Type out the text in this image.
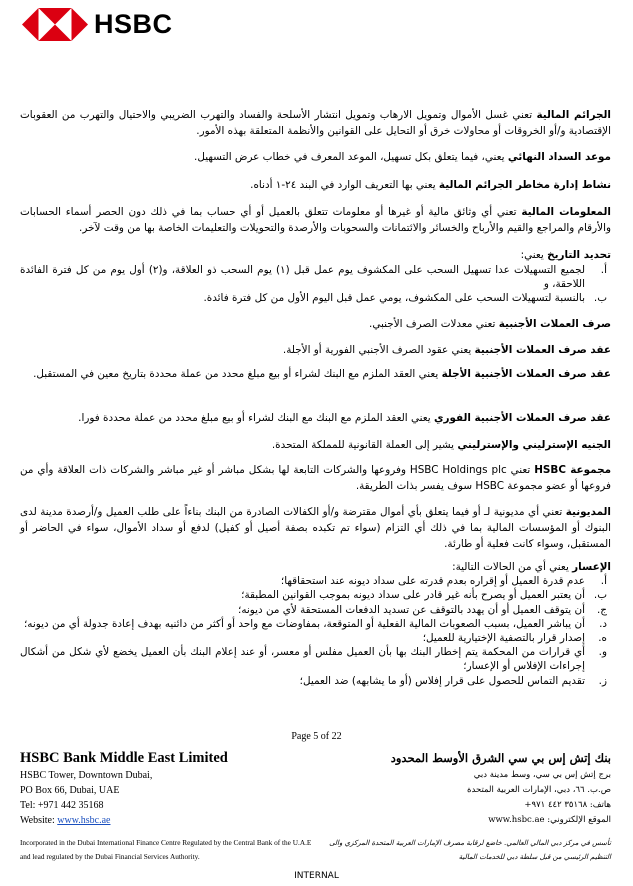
HSBC
الجرائم المالية تعني غسل الأموال وتمويل الارهاب وتمويل انتشار الأسلحة والفساد والتهرب الضريبي والاحتيال والتهرب من العقوبات الإقتصادية و/أو الخروقات أو محاولات خرق أو التحايل على القوانين والأنظمة المتعلقة بهذه الأمور.
موعد السداد النهائي يعني، فيما يتعلق بكل تسهيل، الموعد المعرف في خطاب عرض التسهيل.
نشاط إدارة مخاطر الجرائم المالية يعني بها التعريف الوارد في البند ٢٤-١ أدناه.
المعلومات المالية تعني أي وثائق مالية أو غيرها أو معلومات تتعلق بالعميل أو أي حساب بما في ذلك دون الحصر أسماء الحسابات والأرقام والمراجع والقيم والأرباح والخسائر والائتمانات والسحوبات والأرصدة والتحويلات والتعليمات الخاصة بها من وقت لآخر.
تحديد التاريخ يعني:
أ.
لجميع التسهيلات عدا تسهيل السحب على المكشوف يوم عمل قبل (١) يوم السحب ذو العلاقة، و(٢) أول يوم من كل فترة الفائدة اللاحقة، و
ب.
بالنسبة لتسهيلات السحب على المكشوف، يومي عمل قبل اليوم الأول من كل فترة فائدة.
صرف العملات الأجنبية تعني معدلات الصرف الأجنبي.
عقد صرف العملات الأجنبية يعني عقود الصرف الأجنبي الفورية أو الأجلة.
عقد صرف العملات الأجنبية الأجلة يعني العقد الملزم مع البنك لشراء أو بيع مبلغ محدد من عملة محددة بتاريخ معين في المستقبل.
عقد صرف العملات الأجنبية الفوري يعني العقد الملزم مع البنك مع البنك لشراء أو بيع مبلغ محدد من عملة محددة فورا.
الجنيه الإسترليني والإسترليني يشير إلى العملة القانونية للمملكة المتحدة.
مجموعة HSBC تعني HSBC Holdings plc وفروعها والشركات التابعة لها بشكل مباشر أو غير مباشر والشركات ذات العلاقة وأي من فروعها أو عضو مجموعة HSBC سوف يفسر بذات الطريقة.
المديونية تعني أي مديونية لـ أو فيما يتعلق بأي أموال مقترضة و/أو الكفالات الصادرة من البنك بناءاً على طلب العميل و/أرصدة مدينة لدى البنوك أو المؤسسات المالية بما في ذلك أي التزام (سواء تم تكبده بصفة أصيل أو كفيل) لدفع أو سداد الأموال، سواء في الحاضر أو المستقبل، وسواء كانت فعلية أو طارئة.
الإعسار يعني أي من الحالات التالية:
أ.
عدم قدرة العميل أو إقراره بعدم قدرته على سداد ديونه عند استحقاقها؛
ب.
أن يعتبر العميل أو يصرح بأنه غير قادر على سداد ديونه بموجب القوانين المطبقة؛
ج.
أن يتوقف العميل أو أن يهدد بالتوقف عن تسديد الدفعات المستحقة لأي من ديونه؛
د.
أن يباشر العميل، بسبب الصعوبات المالية الفعلية أو المتوقعة، بمفاوضات مع واحد أو أكثر من دائنيه بهدف إعادة جدولة أي من ديونه؛
ه.
إصدار قرار بالتصفية الإختيارية للعميل؛
و.
أي قرارات من المحكمة يتم إخطار البنك بها بأن العميل مفلس أو معسر، أو عند إعلام البنك بأن العميل يخضع لأي شكل من أشكال إجراءات الإفلاس أو الإعسار؛
ز.
تقديم التماس للحصول على قرار إفلاس (أو ما يشابهه) ضد العميل؛
Page 5 of 22
HSBC Bank Middle East Limited
HSBC Tower, Downtown Dubai,
PO Box 66, Dubai, UAE
Tel: +971 442 35168
Website: www.hsbc.ae
بنك إتش إس بي سي الشرق الأوسط المحدود
برج إتش إس بي سي، وسط مدينة دبي
ص.ب. ٦٦، دبي، الإمارات العربية المتحدة
هاتف: ٣٥١٦٨ ٤٤٢ ٩٧١+
الموقع الإلكتروني: www.hsbc.ae
Incorporated in the Dubai International Finance Centre Regulated by the Central Bank of the U.A.E and lead regulated by the Dubai Financial Services Authority.
تأسس في مركز دبي المالي العالمي. خاضع لرقابة مصرف الإمارات العربية المتحدة المركزي والى التنظيم الرئيسي من قبل سلطة دبي للخدمات المالية
INTERNAL
